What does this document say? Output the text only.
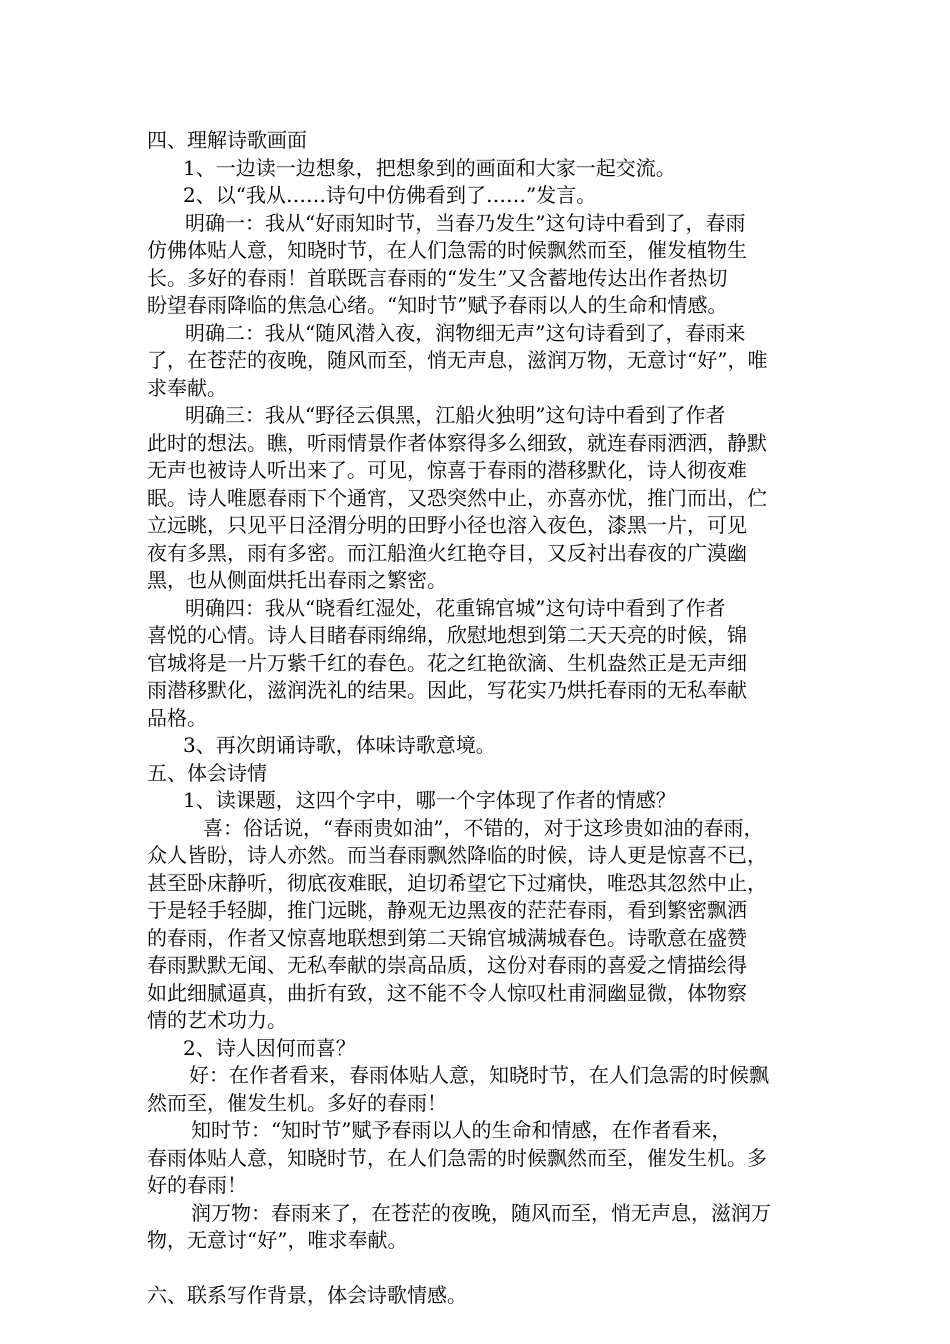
四、理解诗歌画面
1、一边读一边想象，把想象到的画面和大家一起交流。
2、以“我从……诗句中仿佛看到了……”发言。
明确一：我从“好雨知时节，当春乃发生”这句诗中看到了，春雨
仿佛体贴人意，知晓时节，在人们急需的时候飘然而至，催发植物生
长。多好的春雨！首联既言春雨的“发生”又含蓄地传达出作者热切
盼望春雨降临的焦急心绪。“知时节”赋予春雨以人的生命和情感。
明确二：我从“随风潜入夜，润物细无声”这句诗看到了，春雨来
了，在苍茫的夜晚，随风而至，悄无声息，滋润万物，无意讨“好”，唯
求奉献。
明确三：我从“野径云俱黑，江船火独明”这句诗中看到了作者
此时的想法。瞧，听雨情景作者体察得多么细致，就连春雨洒洒，静默
无声也被诗人听出来了。可见，惊喜于春雨的潜移默化，诗人彻夜难
眠。诗人唯愿春雨下个通宵，又恐突然中止，亦喜亦忧，推门而出，伫
立远眺，只见平日泾渭分明的田野小径也溶入夜色，漆黑一片，可见
夜有多黑，雨有多密。而江船渔火红艳夺目，又反衬出春夜的广漠幽
黑，也从侧面烘托出春雨之繁密。
明确四：我从“晓看红湿处，花重锦官城”这句诗中看到了作者
喜悦的心情。诗人目睹春雨绵绵，欣慰地想到第二天天亮的时候，锦
官城将是一片万紫千红的春色。花之红艳欲滴、生机盎然正是无声细
雨潜移默化，滋润洗礼的结果。因此，写花实乃烘托春雨的无私奉献
品格。
3、再次朗诵诗歌，体味诗歌意境。
五、体会诗情
1、读课题，这四个字中，哪一个字体现了作者的情感？
喜：俗话说，“春雨贵如油”，不错的，对于这珍贵如油的春雨，
众人皆盼，诗人亦然。而当春雨飘然降临的时候，诗人更是惊喜不已，
甚至卧床静听，彻底夜难眠，迫切希望它下过痛快，唯恐其忽然中止，
于是轻手轻脚，推门远眺，静观无边黑夜的茫茫春雨，看到繁密飘洒
的春雨，作者又惊喜地联想到第二天锦官城满城春色。诗歌意在盛赞
春雨默默无闻、无私奉献的崇高品质，这份对春雨的喜爱之情描绘得
如此细腻逼真，曲折有致，这不能不令人惊叹杜甫洞幽显微，体物察
情的艺术功力。
2、诗人因何而喜？
好：在作者看来，春雨体贴人意，知晓时节，在人们急需的时候飘
然而至，催发生机。多好的春雨！
知时节：“知时节”赋予春雨以人的生命和情感，在作者看来，
春雨体贴人意，知晓时节，在人们急需的时候飘然而至，催发生机。多
好的春雨！
润万物：春雨来了，在苍茫的夜晚，随风而至，悄无声息，滋润万
物，无意讨“好”，唯求奉献。
六、联系写作背景，体会诗歌情感。
